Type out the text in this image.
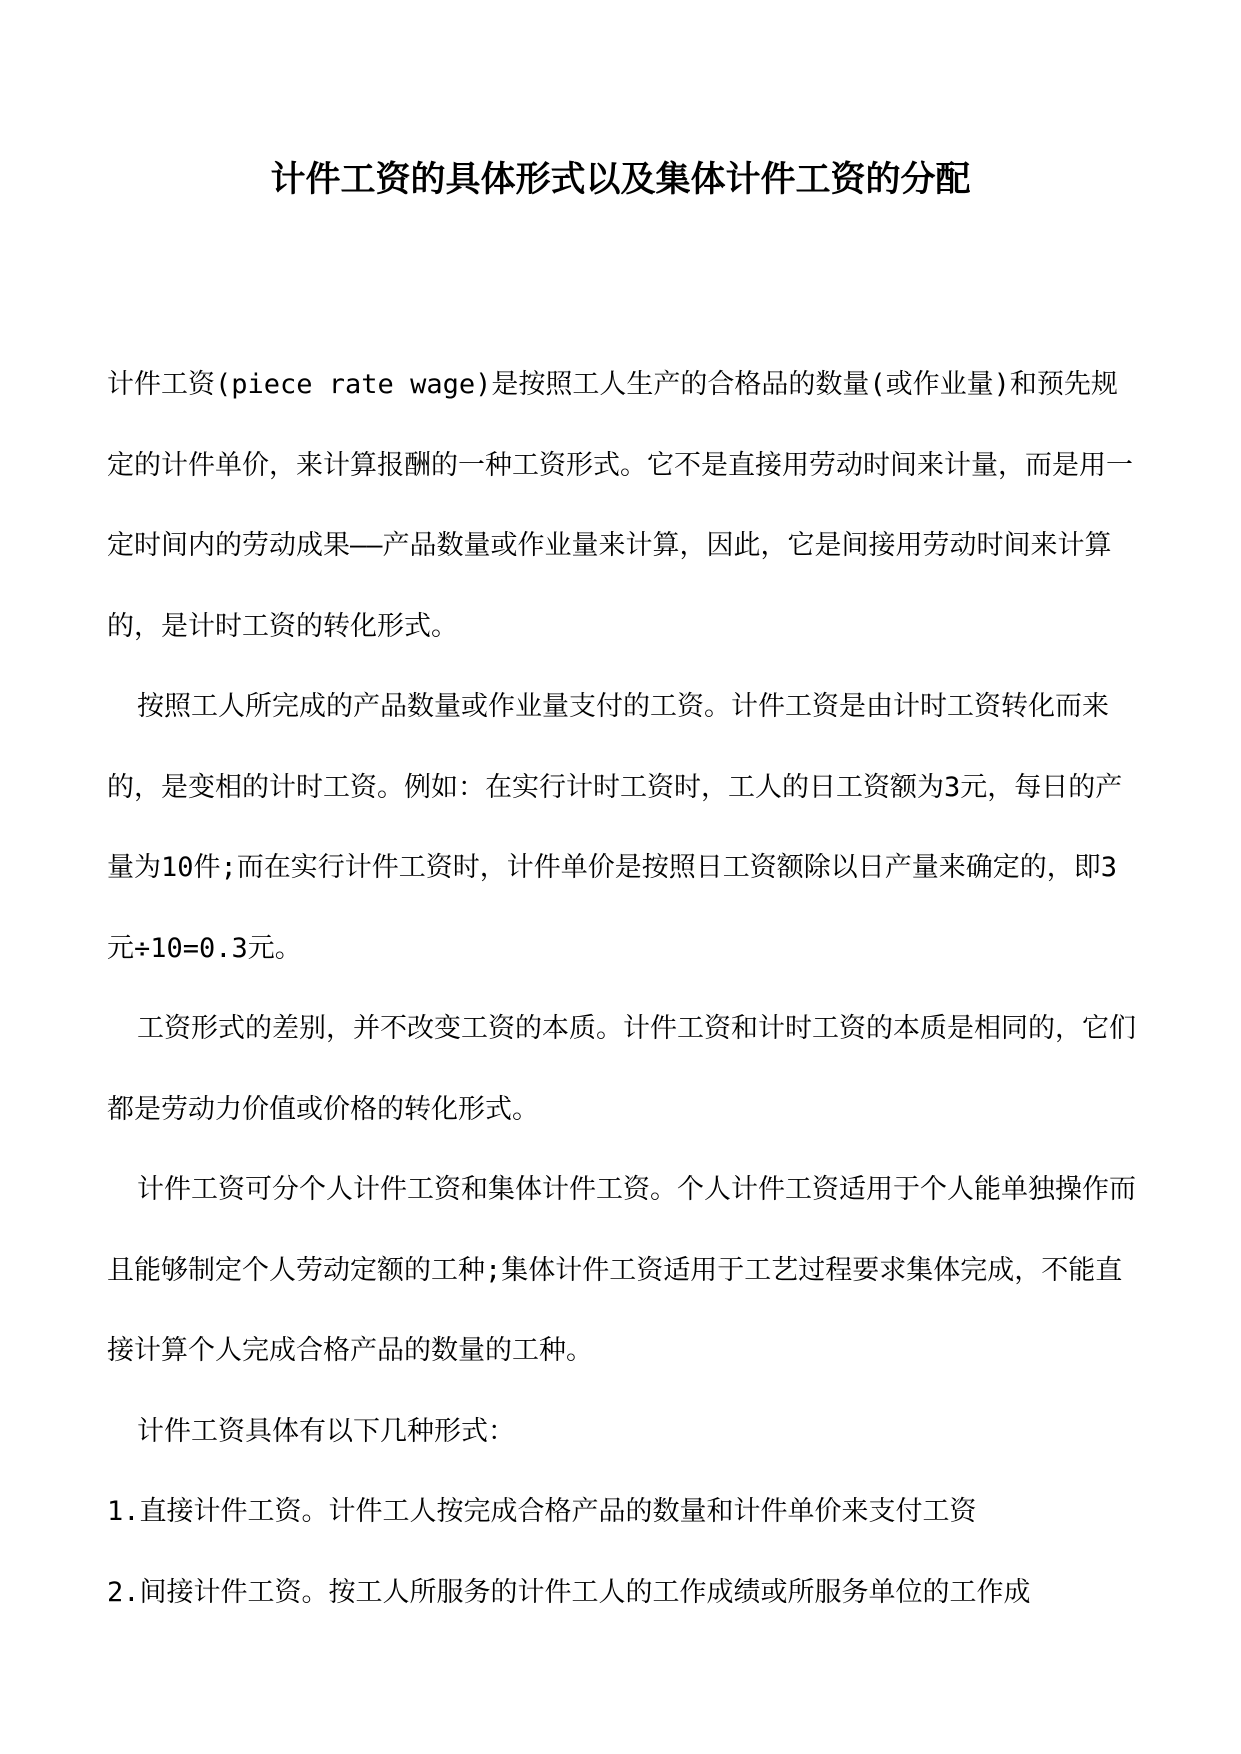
计件工资的具体形式以及集体计件工资的分配

计件工资(piece rate wage)是按照工人生产的合格品的数量(或作业量)和预先规定的计件单价，来计算报酬的一种工资形式。它不是直接用劳动时间来计量，而是用一定时间内的劳动成果——产品数量或作业量来计算，因此，它是间接用劳动时间来计算的，是计时工资的转化形式。

按照工人所完成的产品数量或作业量支付的工资。计件工资是由计时工资转化而来的，是变相的计时工资。例如：在实行计时工资时，工人的日工资额为3元，每日的产量为10件;而在实行计件工资时，计件单价是按照日工资额除以日产量来确定的，即3元÷10=0.3元。

工资形式的差别，并不改变工资的本质。计件工资和计时工资的本质是相同的，它们都是劳动力价值或价格的转化形式。

计件工资可分个人计件工资和集体计件工资。个人计件工资适用于个人能单独操作而且能够制定个人劳动定额的工种;集体计件工资适用于工艺过程要求集体完成，不能直接计算个人完成合格产品的数量的工种。

计件工资具体有以下几种形式：

1.直接计件工资。计件工人按完成合格产品的数量和计件单价来支付工资

2.间接计件工资。按工人所服务的计件工人的工作成绩或所服务单位的工作成
